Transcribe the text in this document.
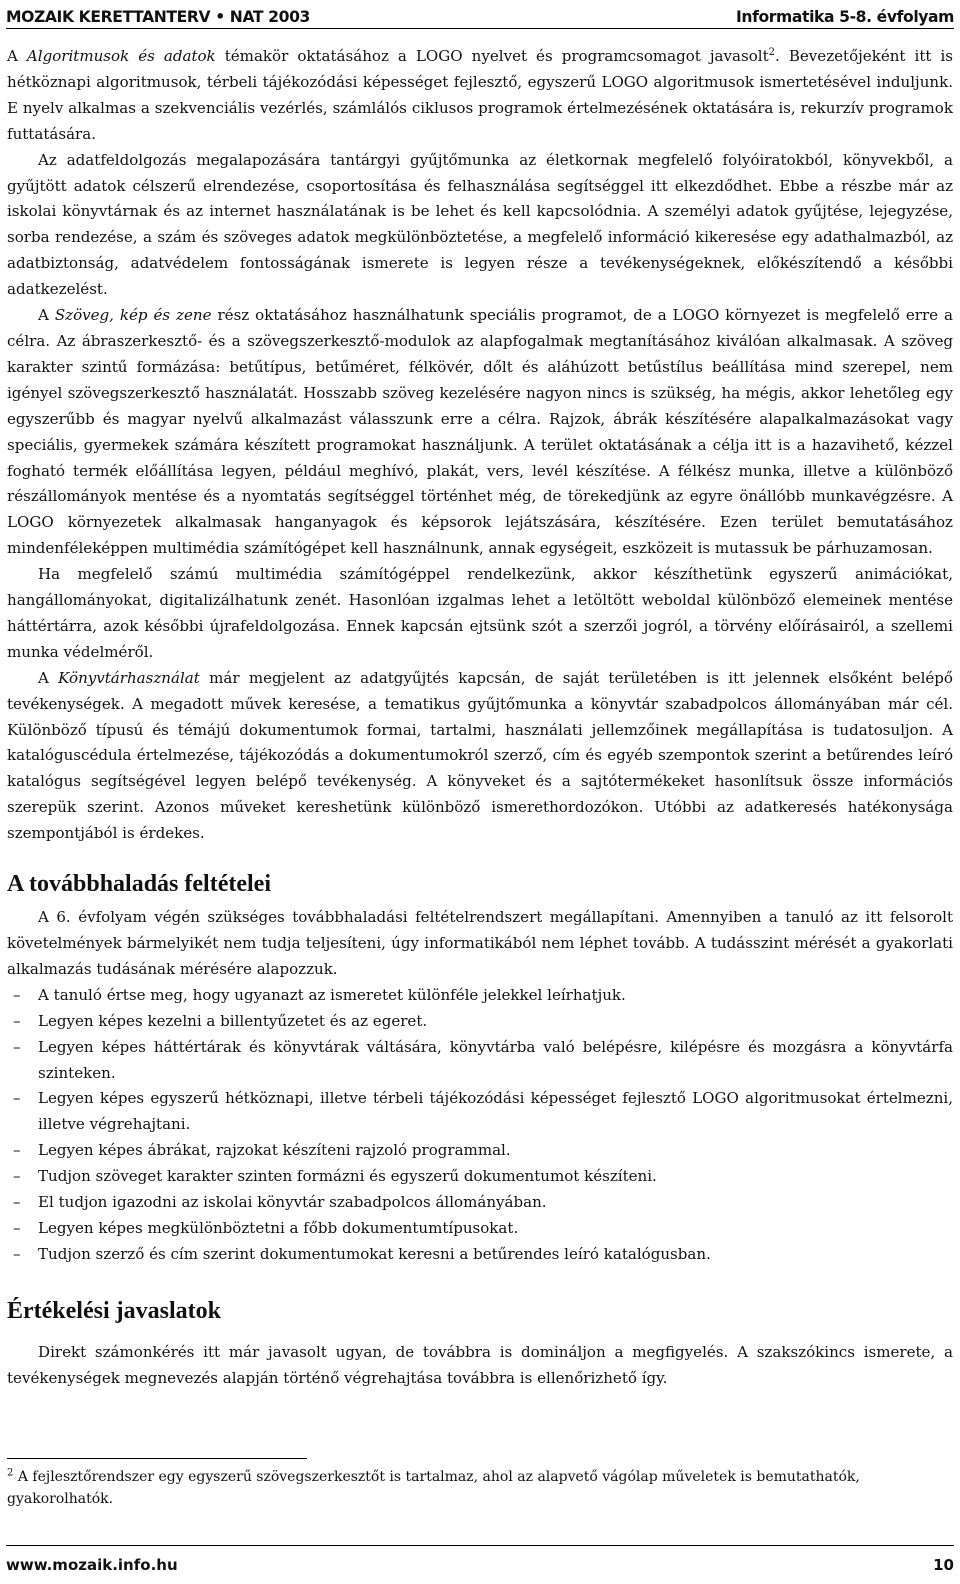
MOZAIK KERETTANTERV • NAT 2003	Informatika 5-8. évfolyam

A Algoritmusok és adatok témakör oktatásához a LOGO nyelvet és programcsomagot javasolt$^2$. Bevezetőjeként itt is hétköznapi algoritmusok, térbeli tájékozódási képességet fejlesztő, egyszerű LOGO algoritmusok ismertetésével induljunk. E nyelv alkalmas a szekvenciális vezérlés, számlálós ciklusos programok értelmezésének oktatására is, rekurzív programok futtatására.

Az adatfeldolgozás megalapozására tantárgyi gyűjtőmunka az életkornak megfelelő folyóiratokból, könyvekből, a gyűjtött adatok célszerű elrendezése, csoportosítása és felhasználása segítséggel itt elkezdődhet. Ebbe a részbe már az iskolai könyvtárnak és az internet használatának is be lehet és kell kapcsolódnia. A személyi adatok gyűjtése, lejegyzése, sorba rendezése, a szám és szöveges adatok megkülönböztetése, a megfelelő információ kikeresése egy adathalmazból, az adatbiztonság, adatvédelem fontosságának ismerete is legyen része a tevékenységeknek, előkészítendő a későbbi adatkezelést.

A Szöveg, kép és zene rész oktatásához használhatunk speciális programot, de a LOGO környezet is megfelelő erre a célra. Az ábraszerkesztő- és a szövegszerkesztő-modulok az alapfogalmak megtanításához kiválóan alkalmasak. A szöveg karakter szintű formázása: betűtípus, betűméret, félkövér, dőlt és aláhúzott betűstílus beállítása mind szerepel, nem igényel szövegszerkesztő használatát. Hosszabb szöveg kezelésére nagyon nincs is szükség, ha mégis, akkor lehetőleg egy egyszerűbb és magyar nyelvű alkalmazást válasszunk erre a célra. Rajzok, ábrák készítésére alapalkalmazásokat vagy speciális, gyermekek számára készített programokat használjunk. A terület oktatásának a célja itt is a hazavihető, kézzel fogható termék előállítása legyen, például meghívó, plakát, vers, levél készítése. A félkész munka, illetve a különböző részállományok mentése és a nyomtatás segítséggel történhet még, de törekedjünk az egyre önállóbb munkavégzésre. A LOGO környezetek alkalmasak hanganyagok és képsorok lejátszására, készítésére. Ezen terület bemutatásához mindenféleképpen multimédia számítógépet kell használnunk, annak egységeit, eszközeit is mutassuk be párhuzamosan.

Ha megfelelő számú multimédia számítógéppel rendelkezünk, akkor készíthetünk egyszerű animációkat, hangállományokat, digitalizálhatunk zenét. Hasonlóan izgalmas lehet a letöltött weboldal különböző elemeinek mentése háttértárra, azok későbbi újrafeldolgozása. Ennek kapcsán ejtsünk szót a szerzői jogról, a törvény előírásairól, a szellemi munka védelméről.

A Könyvtárhasználat már megjelent az adatgyűjtés kapcsán, de saját területében is itt jelennek elsőként belépő tevékenységek. A megadott művek keresése, a tematikus gyűjtőmunka a könyvtár szabadpolcos állományában már cél. Különböző típusú és témájú dokumentumok formai, tartalmi, használati jellemzőinek megállapítása is tudatosuljon. A katalóguscédula értelmezése, tájékozódás a dokumentumokról szerző, cím és egyéb szempontok szerint a betűrendes leíró katalógus segítségével legyen belépő tevékenység. A könyveket és a sajtótermékeket hasonlítsuk össze információs szerepük szerint. Azonos műveket kereshetünk különböző ismerethordozókon. Utóbbi az adatkeresés hatékonysága szempontjából is érdekes.

A továbbhaladás feltételei

A 6. évfolyam végén szükséges továbbhaladási feltételrendszert megállapítani. Amennyiben a tanuló az itt felsorolt követelmények bármelyikét nem tudja teljesíteni, úgy informatikából nem léphet tovább. A tudásszint mérését a gyakorlati alkalmazás tudásának mérésére alapozzuk.

– A tanuló értse meg, hogy ugyanazt az ismeretet különféle jelekkel leírhatjuk.
– Legyen képes kezelni a billentyűzetet és az egeret.
– Legyen képes háttértárak és könyvtárak váltására, könyvtárba való belépésre, kilépésre és mozgásra a könyvtárfa szinteken.
– Legyen képes egyszerű hétköznapi, illetve térbeli tájékozódási képességet fejlesztő LOGO algoritmusokat értelmezni, illetve végrehajtani.
– Legyen képes ábrákat, rajzokat készíteni rajzoló programmal.
– Tudjon szöveget karakter szinten formázni és egyszerű dokumentumot készíteni.
– El tudjon igazodni az iskolai könyvtár szabadpolcos állományában.
– Legyen képes megkülönböztetni a főbb dokumentumtípusokat.
– Tudjon szerző és cím szerint dokumentumokat keresni a betűrendes leíró katalógusban.
Értékelési javaslatok

Direkt számonkérés itt már javasolt ugyan, de továbbra is domináljon a megfigyelés. A szakszókincs ismerete, a tevékenységek megnevezés alapján történő végrehajtása továbbra is ellenőrizhető így.

$^2$ A fejlesztőrendszer egy egyszerű szövegszerkesztőt is tartalmaz, ahol az alapvető vágólap műveletek is bemutathatók, gyakorolhatók.
www.mozaik.info.hu	10
